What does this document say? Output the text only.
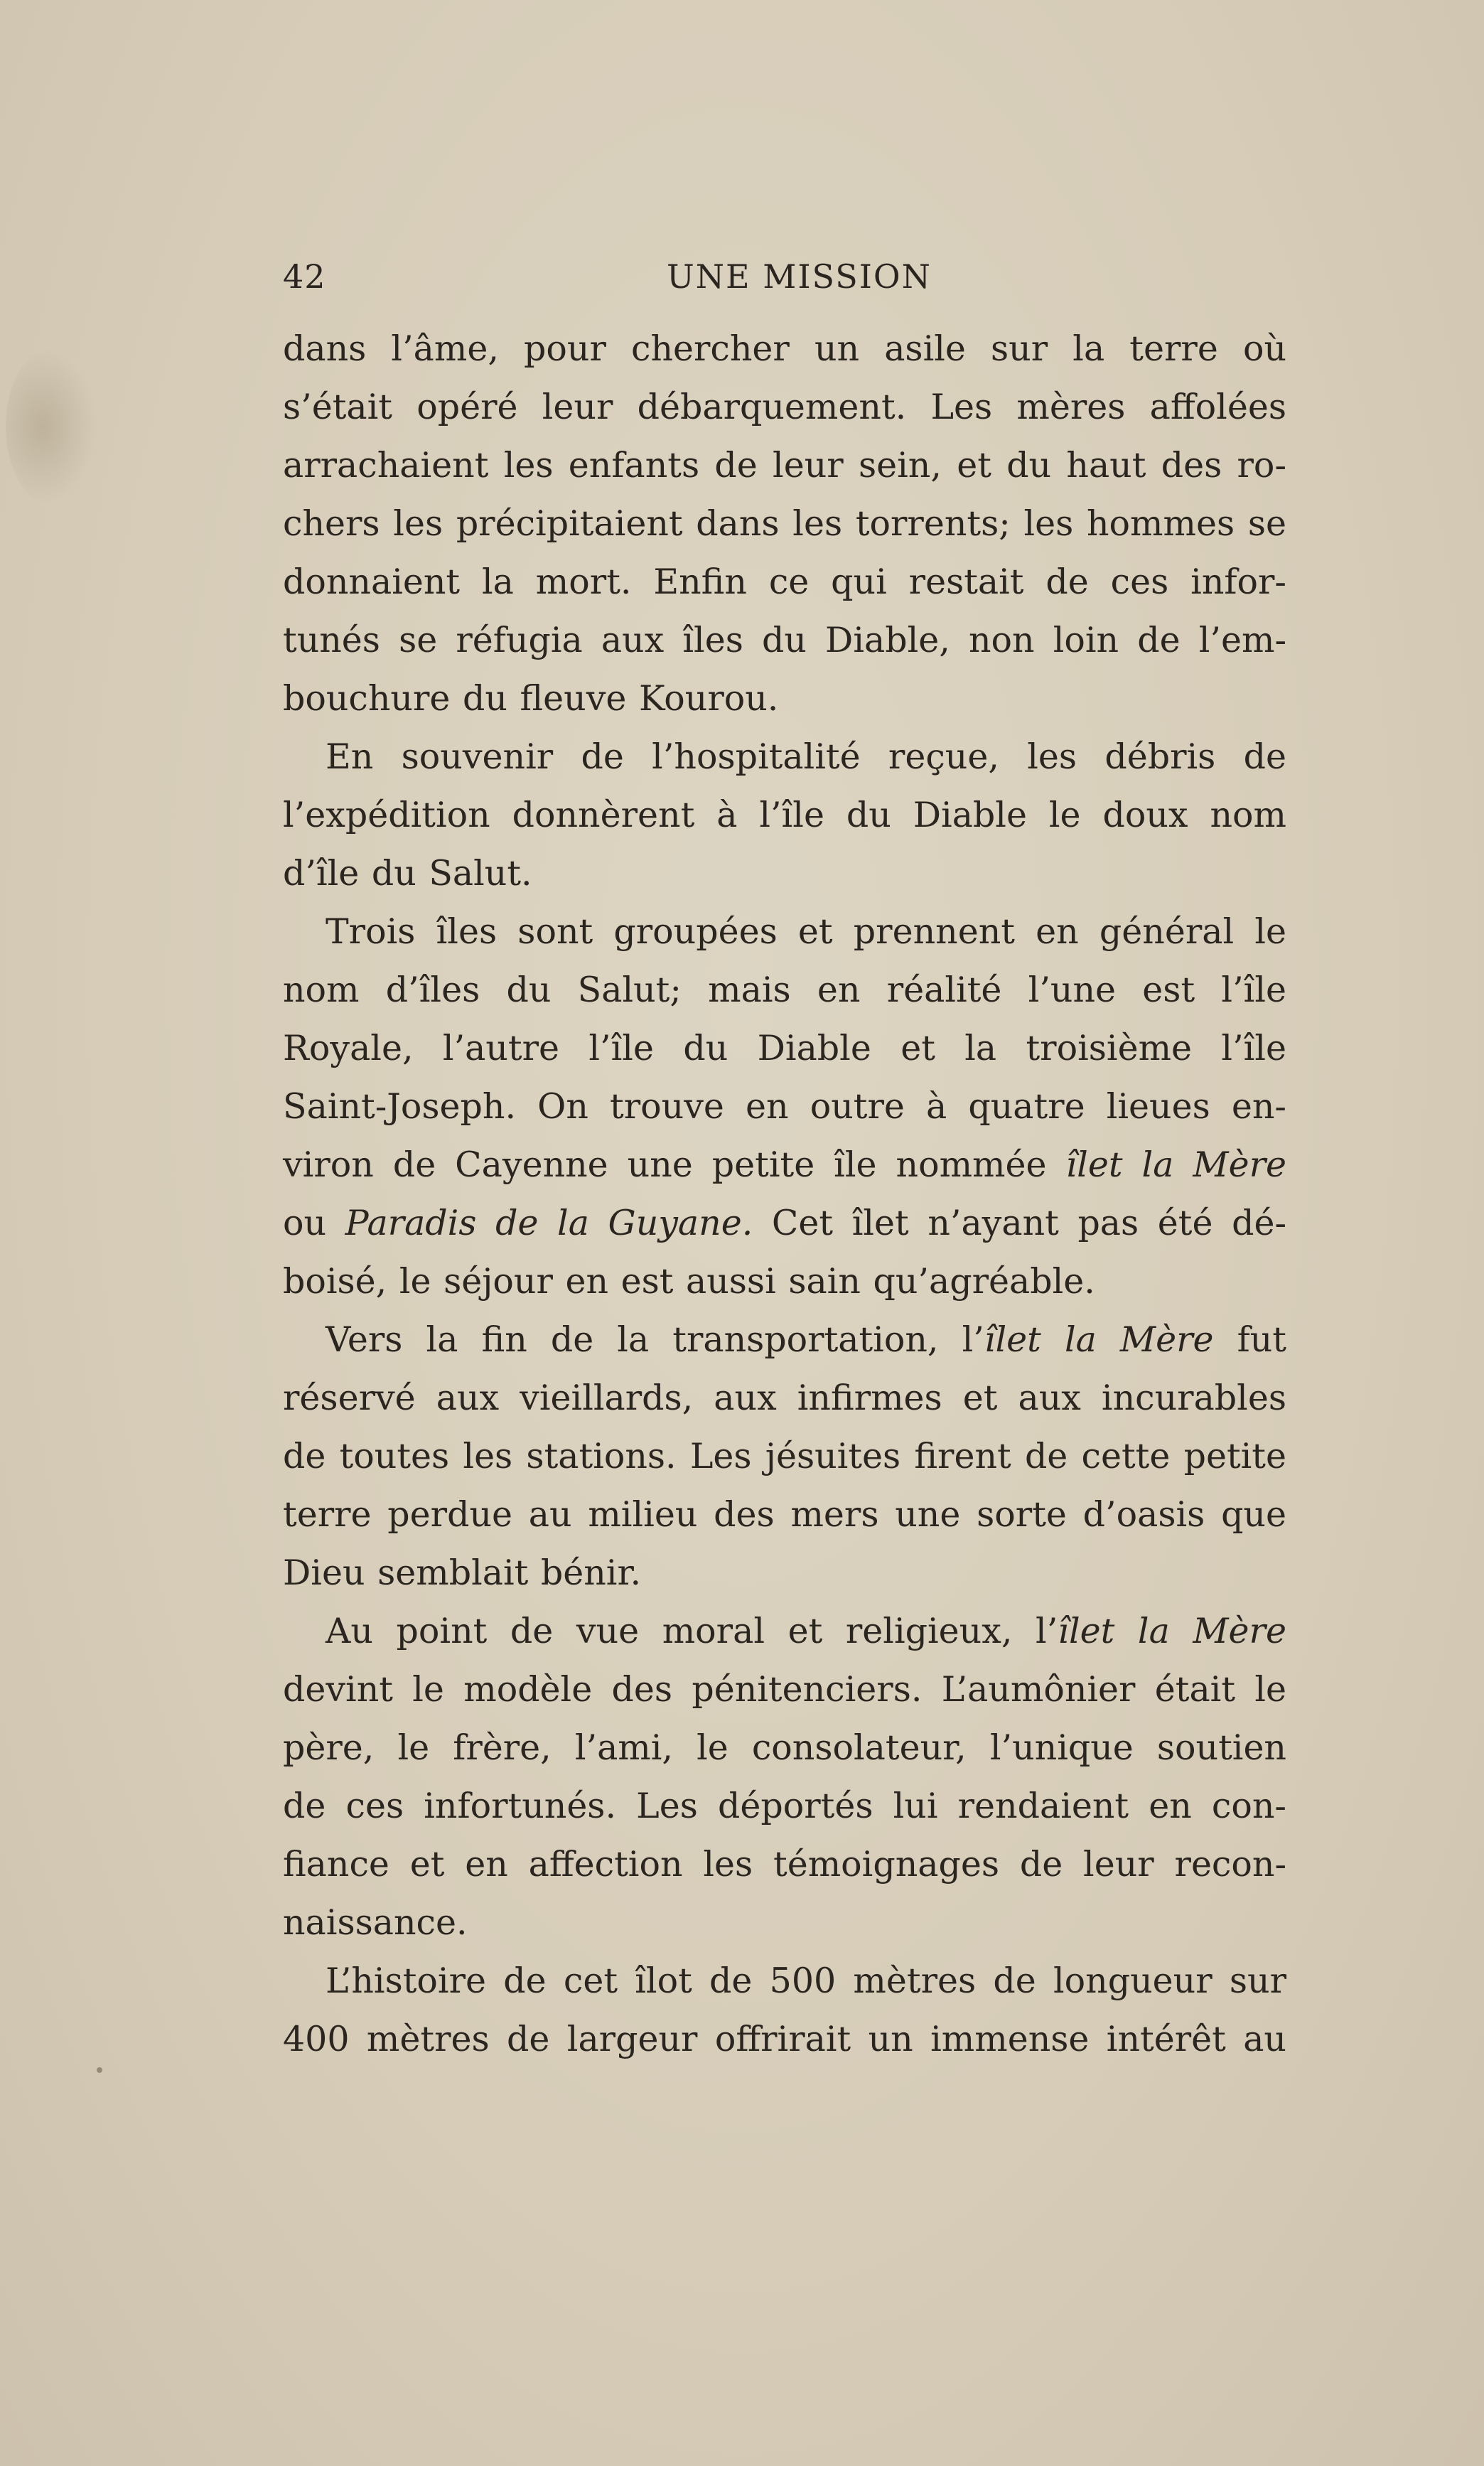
42	UNE MISSION
dans l’âme, pour chercher un asile sur la terre où
s’était opéré leur débarquement. Les mères affolées
arrachaient les enfants de leur sein, et du haut des ro-
chers les précipitaient dans les torrents; les hommes se
donnaient la mort. Enfin ce qui restait de ces infor-
tunés se réfugia aux îles du Diable, non loin de l’em-
bouchure du fleuve Kourou.
En souvenir de l’hospitalité reçue, les débris de
l’expédition donnèrent à l’île du Diable le doux nom
d’île du Salut.
Trois îles sont groupées et prennent en général le
nom d’îles du Salut; mais en réalité l’une est l’île
Royale, l’autre l’île du Diable et la troisième l’île
Saint-Joseph. On trouve en outre à quatre lieues en-
viron de Cayenne une petite île nommée îlet la Mère
ou Paradis de la Guyane. Cet îlet n’ayant pas été dé-
boisé, le séjour en est aussi sain qu’agréable.
Vers la fin de la transportation, l’îlet la Mère fut
réservé aux vieillards, aux infirmes et aux incurables
de toutes les stations. Les jésuites firent de cette petite
terre perdue au milieu des mers une sorte d’oasis que
Dieu semblait bénir.
Au point de vue moral et religieux, l’îlet la Mère
devint le modèle des pénitenciers. L’aumônier était le
père, le frère, l’ami, le consolateur, l’unique soutien
de ces infortunés. Les déportés lui rendaient en con-
fiance et en affection les témoignages de leur recon-
naissance.
L’histoire de cet îlot de 500 mètres de longueur sur
400 mètres de largeur offrirait un immense intérêt au
